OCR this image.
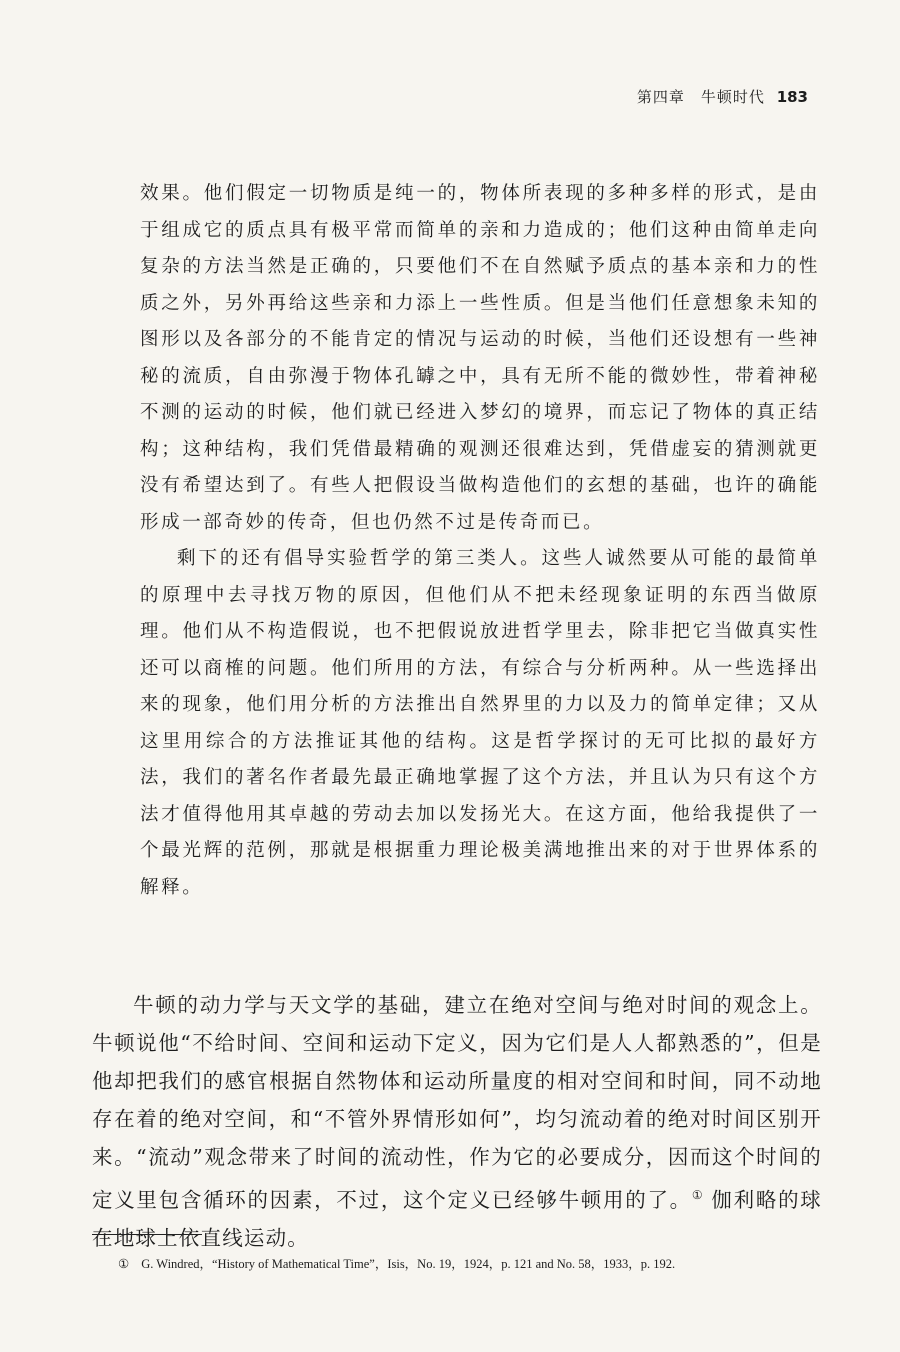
第四章　牛顿时代 183

效果。他们假定一切物质是纯一的，物体所表现的多种多样的形式，是由于组成它的质点具有极平常而简单的亲和力造成的；他们这种由简单走向复杂的方法当然是正确的，只要他们不在自然赋予质点的基本亲和力的性质之外，另外再给这些亲和力添上一些性质。但是当他们任意想象未知的图形以及各部分的不能肯定的情况与运动的时候，当他们还设想有一些神秘的流质，自由弥漫于物体孔罅之中，具有无所不能的微妙性，带着神秘不测的运动的时候，他们就已经进入梦幻的境界，而忘记了物体的真正结构；这种结构，我们凭借最精确的观测还很难达到，凭借虚妄的猜测就更没有希望达到了。有些人把假设当做构造他们的玄想的基础，也许的确能形成一部奇妙的传奇，但也仍然不过是传奇而已。

剩下的还有倡导实验哲学的第三类人。这些人诚然要从可能的最简单的原理中去寻找万物的原因，但他们从不把未经现象证明的东西当做原理。他们从不构造假说，也不把假说放进哲学里去，除非把它当做真实性还可以商榷的问题。他们所用的方法，有综合与分析两种。从一些选择出来的现象，他们用分析的方法推出自然界里的力以及力的简单定律；又从这里用综合的方法推证其他的结构。这是哲学探讨的无可比拟的最好方法，我们的著名作者最先最正确地掌握了这个方法，并且认为只有这个方法才值得他用其卓越的劳动去加以发扬光大。在这方面，他给我提供了一个最光辉的范例，那就是根据重力理论极美满地推出来的对于世界体系的解释。

牛顿的动力学与天文学的基础，建立在绝对空间与绝对时间的观念上。牛顿说他“不给时间、空间和运动下定义，因为它们是人人都熟悉的”，但是他却把我们的感官根据自然物体和运动所量度的相对空间和时间，同不动地存在着的绝对空间，和“不管外界情形如何”，均匀流动着的绝对时间区别开来。“流动”观念带来了时间的流动性，作为它的必要成分，因而这个时间的定义里包含循环的因素，不过，这个定义已经够牛顿用的了。① 伽利略的球在地球上依直线运动。

① G. Windred，“History of Mathematical Time”，Isis，No. 19，1924，p. 121 and No. 58，1933，p. 192.
